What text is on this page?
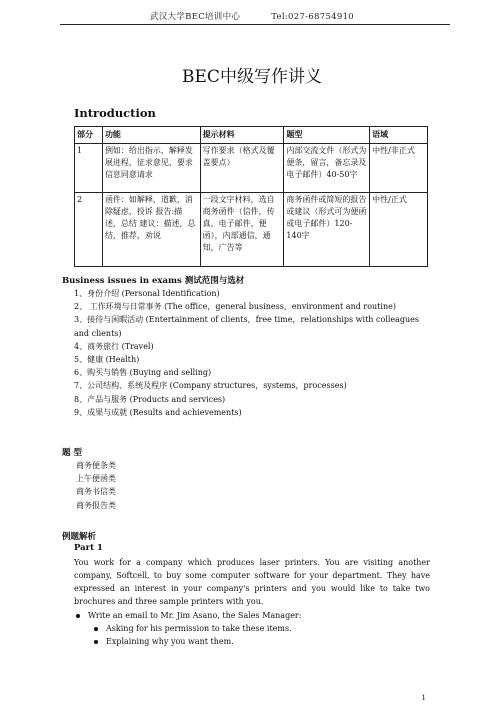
武汉大学BEC培训中心	Tel:027-68754910
BEC中级写作讲义
Introduction
部分	功能	提示材料	题型	语域
1	例如：给出指示，解释发展进程，征求意见，要求信息同意请求	写作要求（格式及覆盖要点）	内部交流文件（形式为便条，留言，备忘录及电子邮件）40-50字	中性/非正式
2	函件：如解释，道歉，消除疑虑，投诉 报告:描述，总结 建议：描述，总结，推荐，劝说	一段文字材料，选自商务函件（信件，传真，电子邮件，便函），内部通信，通知，广告等	商务函件或简短的报告或建议（形式可为便函或电子邮件）120-140字	中性/正式
Business issues in exams 测试范围与选材
1、身份介绍 (Personal Identification)
2、 工作环境与日常事务 (The office，general business，environment and routine)
3、接待与闲暇活动 (Entertainment of clients，free time，relationships with colleagues and clients)
4、商务旅行 (Travel)
5、健康 (Health)
6、购买与销售 (Buying and selling)
7、公司结构、系统及程序 (Company structures，systems，processes)
8、产品与服务 (Products and services)
9、成果与成就 (Results and achievements)
题 型
商务便条类
上午便函类
商务书信类
商务报告类
例题解析
Part 1
You work for a company which produces laser printers. You are visiting another company, Softcell, to buy some computer software for your department. They have expressed an interest in your company's printers and you would like to take two brochures and three sample printers with you.
Write an email to Mr. Jim Asano, the Sales Manager:
Asking for his permission to take these items.
Explaining why you want them.
1
